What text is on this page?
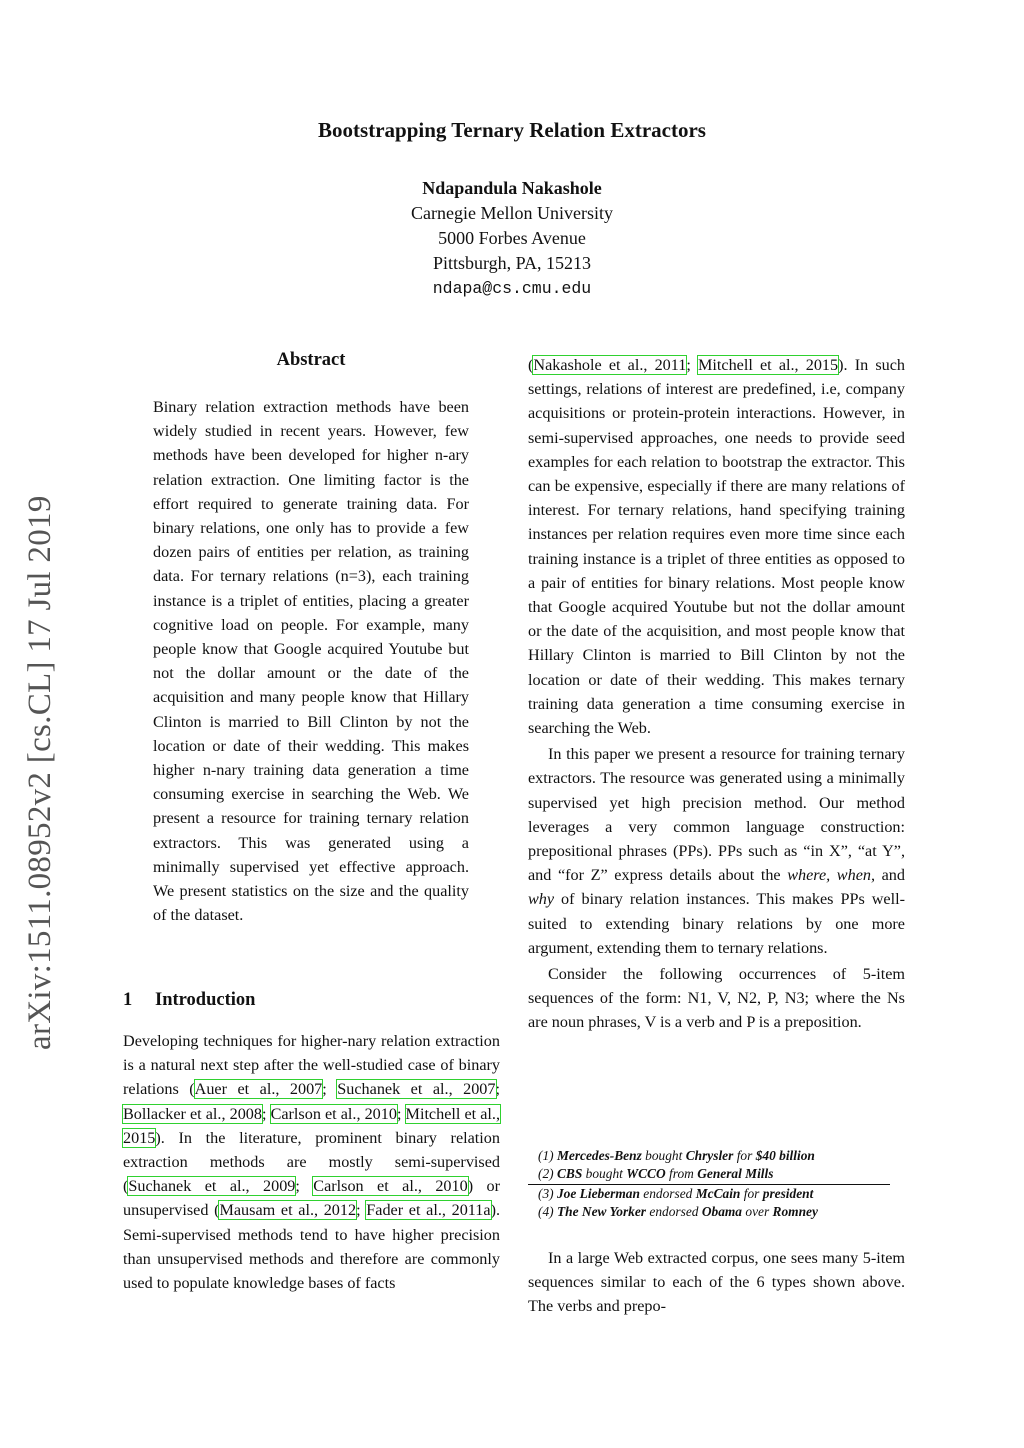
Bootstrapping Ternary Relation Extractors
Ndapandula Nakashole
Carnegie Mellon University
5000 Forbes Avenue
Pittsburgh, PA, 15213
ndapa@cs.cmu.edu
arXiv:1511.08952v2 [cs.CL] 17 Jul 2019
Abstract

Binary relation extraction methods have been widely studied in recent years. However, few methods have been developed for higher n-ary relation extraction. One limiting factor is the effort required to generate training data. For binary relations, one only has to provide a few dozen pairs of entities per relation, as training data. For ternary relations (n=3), each training instance is a triplet of entities, placing a greater cognitive load on people. For example, many people know that Google acquired Youtube but not the dollar amount or the date of the acquisition and many people know that Hillary Clinton is married to Bill Clinton by not the location or date of their wedding. This makes higher n-nary training data generation a time consuming exercise in searching the Web. We present a resource for training ternary relation extractors. This was generated using a minimally supervised yet effective approach. We present statistics on the size and the quality of the dataset.

1 Introduction

Developing techniques for higher-nary relation extraction is a natural next step after the well-studied case of binary relations (Auer et al., 2007; Suchanek et al., 2007; Bollacker et al., 2008; Carlson et al., 2010; Mitchell et al., 2015). In the literature, prominent binary relation extraction methods are mostly semi-supervised (Suchanek et al., 2009; Carlson et al., 2010) or unsupervised (Mausam et al., 2012; Fader et al., 2011a). Semi-supervised methods tend to have higher precision than unsupervised methods and therefore are commonly used to populate knowledge bases of facts

(Nakashole et al., 2011; Mitchell et al., 2015). In such settings, relations of interest are predefined, i.e, company acquisitions or protein-protein interactions. However, in semi-supervised approaches, one needs to provide seed examples for each relation to bootstrap the extractor. This can be expensive, especially if there are many relations of interest. For ternary relations, hand specifying training instances per relation requires even more time since each training instance is a triplet of three entities as opposed to a pair of entities for binary relations. Most people know that Google acquired Youtube but not the dollar amount or the date of the acquisition, and most people know that Hillary Clinton is married to Bill Clinton by not the location or date of their wedding. This makes ternary training data generation a time consuming exercise in searching the Web.

In this paper we present a resource for training ternary extractors. The resource was generated using a minimally supervised yet high precision method. Our method leverages a very common language construction: prepositional phrases (PPs). PPs such as “in X”, “at Y”, and “for Z” express details about the where, when, and why of binary relation instances. This makes PPs well-suited to extending binary relations by one more argument, extending them to ternary relations.

Consider the following occurrences of 5-item sequences of the form: N1, V, N2, P, N3; where the Ns are noun phrases, V is a verb and P is a preposition.

(1) Mercedes-Benz bought Chrysler for $40 billion
(2) CBS bought WCCO from General Mills
(3) Joe Lieberman endorsed McCain for president
(4) The New Yorker endorsed Obama over Romney

In a large Web extracted corpus, one sees many 5-item sequences similar to each of the 6 types shown above. The verbs and prepo-
